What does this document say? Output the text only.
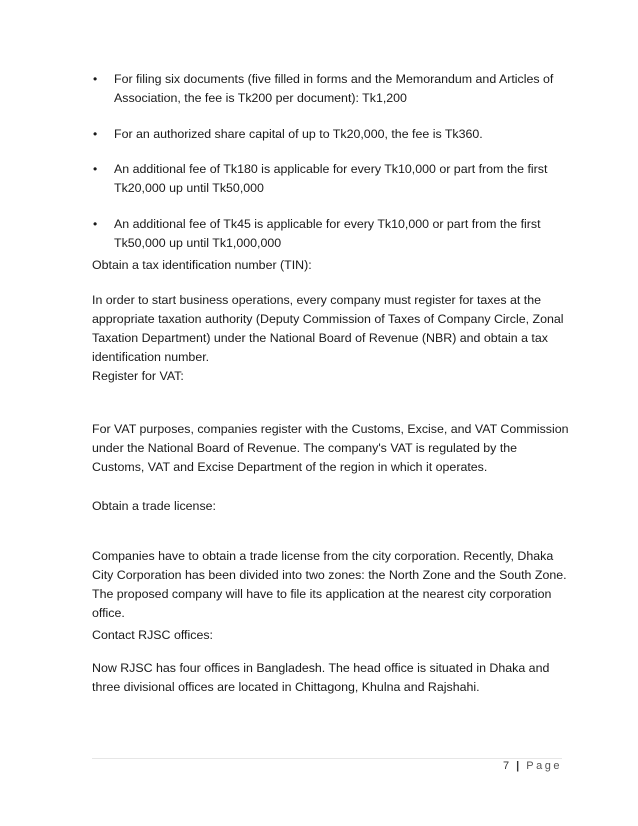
• For filing six documents (five filled in forms and the Memorandum and Articles of Association, the fee is Tk200 per document): Tk1,200
• For an authorized share capital of up to Tk20,000, the fee is Tk360.
• An additional fee of Tk180 is applicable for every Tk10,000 or part from the first Tk20,000 up until Tk50,000
• An additional fee of Tk45 is applicable for every Tk10,000 or part from the first Tk50,000 up until Tk1,000,000

Obtain a tax identification number (TIN):

In order to start business operations, every company must register for taxes at the appropriate taxation authority (Deputy Commission of Taxes of Company Circle, Zonal Taxation Department) under the National Board of Revenue (NBR) and obtain a tax identification number.

Register for VAT:

For VAT purposes, companies register with the Customs, Excise, and VAT Commission under the National Board of Revenue. The company's VAT is regulated by the Customs, VAT and Excise Department of the region in which it operates.

Obtain a trade license:

Companies have to obtain a trade license from the city corporation. Recently, Dhaka City Corporation has been divided into two zones: the North Zone and the South Zone. The proposed company will have to file its application at the nearest city corporation office.

Contact RJSC offices:

Now RJSC has four offices in Bangladesh. The head office is situated in Dhaka and three divisional offices are located in Chittagong, Khulna and Rajshahi.

7 | Page
